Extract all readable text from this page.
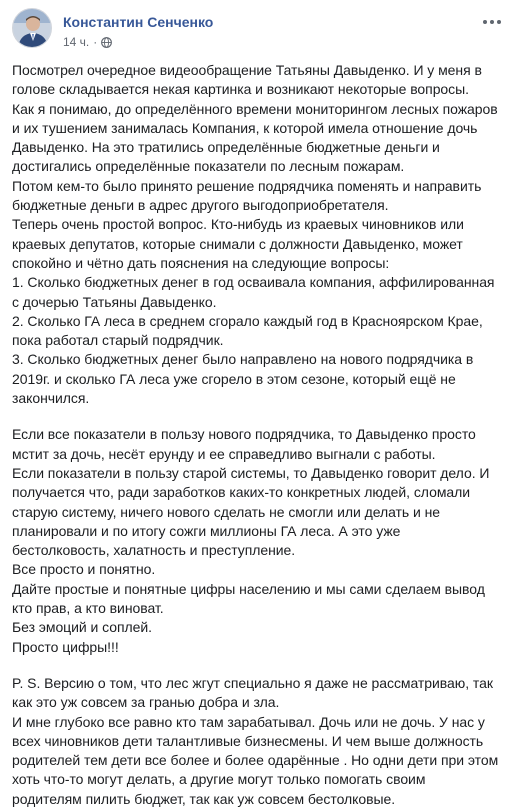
Константин Сенченко
14 ч. ·

Посмотрел очередное видеообращение Татьяны Давыденко. И у меня в
голове складывается некая картинка и возникают некоторые вопросы.
Как я понимаю, до определённого времени мониторингом лесных пожаров
и их тушением занималась Компания, к которой имела отношение дочь
Давыденко. На это тратились определённые бюджетные деньги и
достигались определённые показатели по лесным пожарам.
Потом кем-то было принято решение подрядчика поменять и направить
бюджетные деньги в адрес другого выгодоприобретателя.
Теперь очень простой вопрос. Кто-нибудь из краевых чиновников или
краевых депутатов, которые снимали с должности Давыденко, может
спокойно и чётно дать пояснения на следующие вопросы:
1. Сколько бюджетных денег в год осваивала компания, аффилированная
с дочерью Татьяны Давыденко.
2. Сколько ГА леса в среднем сгорало каждый год в Красноярском Крае,
пока работал старый подрядчик.
3. Сколько бюджетных денег было направлено на нового подрядчика в
2019г. и сколько ГА леса уже сгорело в этом сезоне, который ещё не
закончился.

Если все показатели в пользу нового подрядчика, то Давыденко просто
мстит за дочь, несёт ерунду и ее справедливо выгнали с работы.
Если показатели в пользу старой системы, то Давыденко говорит дело. И
получается что, ради заработков каких-то конкретных людей, сломали
старую систему, ничего нового сделать не смогли или делать и не
планировали и по итогу сожги миллионы ГА леса. А это уже
бестолковость, халатность и преступление.
Все просто и понятно.
Дайте простые и понятные цифры населению и мы сами сделаем вывод
кто прав, а кто виноват.
Без эмоций и соплей.
Просто цифры!!!

P. S. Версию о том, что лес жгут специально я даже не рассматриваю, так
как это уж совсем за гранью добра и зла.
И мне глубоко все равно кто там зарабатывал. Дочь или не дочь. У нас у
всех чиновников дети талантливые бизнесмены. И чем выше должность
родителей тем дети все более и более одарённые . Но одни дети при этом
хоть что-то могут делать, а другие могут только помогать своим
родителям пилить бюджет, так как уж совсем бестолковые.
